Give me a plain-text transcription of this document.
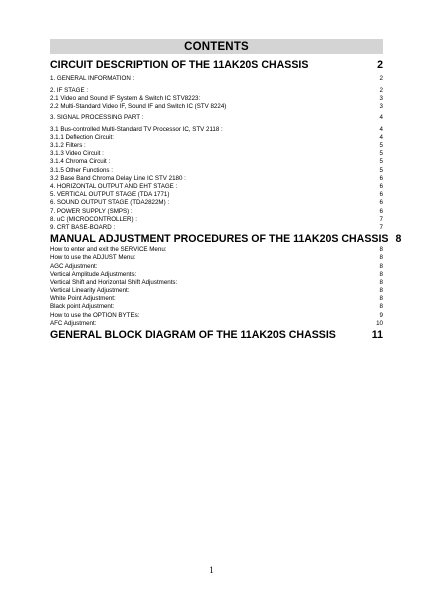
CONTENTS
CIRCUIT DESCRIPTION OF THE 11AK20S CHASSIS	2
1. GENERAL INFORMATION :	2
2. IF STAGE :	2
2.1 Video and Sound IF System & Switch IC STV8223:	3
2.2 Multi-Standard Video IF, Sound IF and Switch IC (STV 8224)	3
3. SIGNAL PROCESSING PART :	4
3.1 Bus-controlled Multi-Standard TV Processor IC, STV 2118 :	4
3.1.1 Deflection Circuit:	4
3.1.2 Filters :	5
3.1.3 Video Circuit :	5
3.1.4 Chroma Circuit :	5
3.1.5 Other Functions :	5
3.2 Base Band Chroma Delay Line IC STV 2180 :	6
4. HORIZONTAL OUTPUT AND EHT STAGE :	6
5. VERTICAL OUTPUT STAGE (TDA 1771)	6
6. SOUND OUTPUT STAGE (TDA2822M) :	6
7. POWER SUPPLY (SMPS) :	6
8. uC (MICROCONTROLLER) :	7
9. CRT BASE-BOARD :	7
MANUAL ADJUSTMENT PROCEDURES OF THE 11AK20S CHASSIS 8
How to enter and exit the SERVICE Menu:	8
How to use the ADJUST Menu:	8
AGC Adjustment:	8
Vertical Amplitude Adjustments:	8
Vertical Shift and Horizontal Shift Adjustments:	8
Vertical Linearity Adjustment:	8
White Point Adjustment:	8
Black point Adjustment:	8
How to use the OPTION BYTEs:	9
AFC Adjustment:	10
GENERAL BLOCK DIAGRAM OF THE 11AK20S CHASSIS	11
1
